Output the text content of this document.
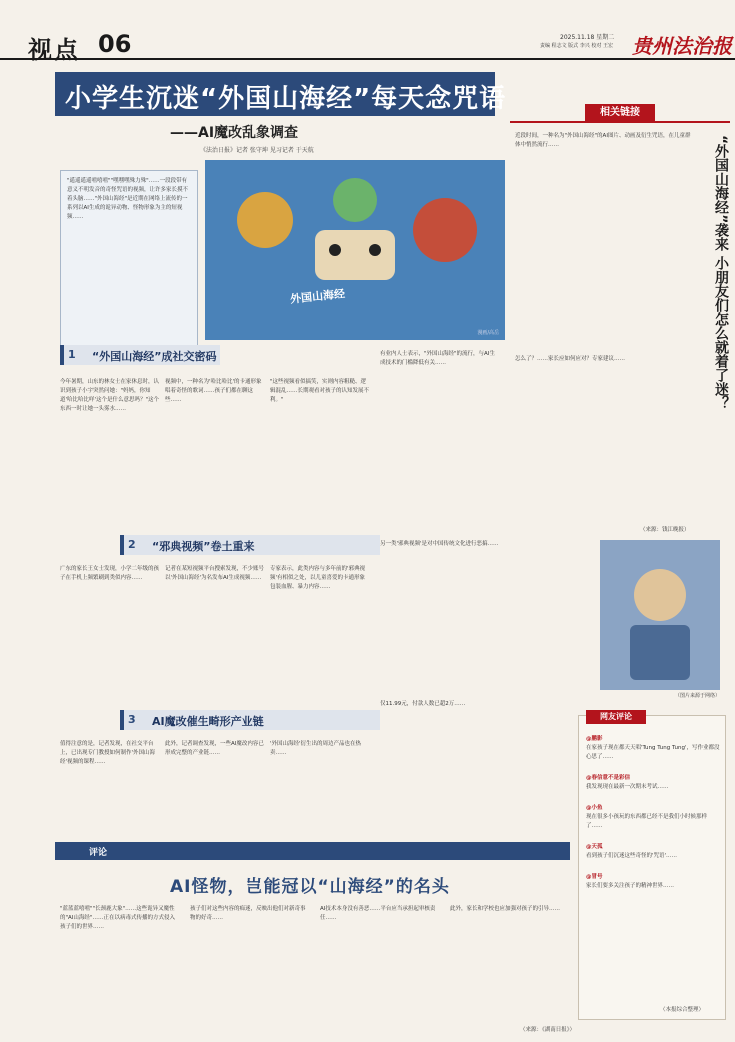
视点 06	2025.11.18 星期二
责编 程志文 版式 李兴 校对 王宏 贵州法治报
小学生沉迷“外国山海经”每天念咒语
——AI魔改乱象调查
《法治日报》记者 张守坤 见习记者 于天航

"遥遥遥遥嘻嘻嘻""嘿嘿嘿殊力殊"……一段段带有意义不明发音的奇怪咒语的视频，让许多家长摸不着头脑……"外国山海经"是近期在网络上流传的一系列以AI生成的诡异动物、怪物形象为主的短视频……

外国山海经
漫画/高岳
1 “外国山海经”成社交密码
今年暑期，山东的林女士在家休息时，认识到孩子小宇突然问她："妈妈，你知道'哈比哈比咩'这个是什么意思吗？"这个东西一时让她一头雾水……
视频中，一种名为'哈比哈比'的卡通形象唱着奇怪的歌词……孩子们都在聊这些……
"这些视频看似搞笑，实则内容粗糙、逻辑混乱……长期观看对孩子的认知发展不利。"
有业内人士表示，"外国山海经"的流行，与AI生成技术的门槛降低有关……
2 “邪典视频”卷土重来
广东的家长王女士发现，小学二年级的孩子在手机上频繁刷到类似内容……
记者在某短视频平台搜索发现，不少账号以'外国山海经'为名发布AI生成视频……
专家表示，此类内容与多年前的'邪典视频'有相似之处，以儿童喜爱的卡通形象包装血腥、暴力内容……
另一类'邪典视频'是对中国传统文化进行恶搞……
3 AI魔改催生畸形产业链
值得注意的是，记者发现，在社交平台上，已出现专门教授如何制作'外国山海经'视频的课程……
此外，记者调查发现，一些AI魔改内容已形成完整的产业链……
'外国山海经'衍生出的周边产品也在热卖……
仅11.99元，付款人数已超2万……
相关链接
近段时间，一种名为"外国山海经"的AI图片、动画及衍生咒语，在儿童群体中悄然流行……
怎么了？……家长应如何应对？专家建议……
（来源：钱江晚报）
“外国山海经”袭来 小朋友们怎么就着了迷？
（图片来源于网络）
网友评论
@鹏影
在家孩子现在都天天唱'Tung Tung Tung'，写作业都没心思了……
@春信意不是彩信
我发现现在最新一次期末考试……
@小鱼
现在很多小孩玩的东西都已经不是我们小时候那样了……
@天孤
看到孩子们沉迷这些奇怪的'咒语'……
@冒号
家长们要多关注孩子的精神世界……
（本报综合整理）
评论
AI怪物，岂能冠以“山海经”的名头
"蓝蓝蓝嘻嘻""长颈鹿大象"……这些诡异又魔性的"AI山海经"……正在以病毒式传播的方式侵入孩子们的世界……
孩子们对这些内容的痴迷，反映出他们对新奇事物的好奇……
AI技术本身没有善恶……平台应当承担起审核责任……
此外，家长和学校也应加强对孩子的引导……
（来源：《湖南日报》）
